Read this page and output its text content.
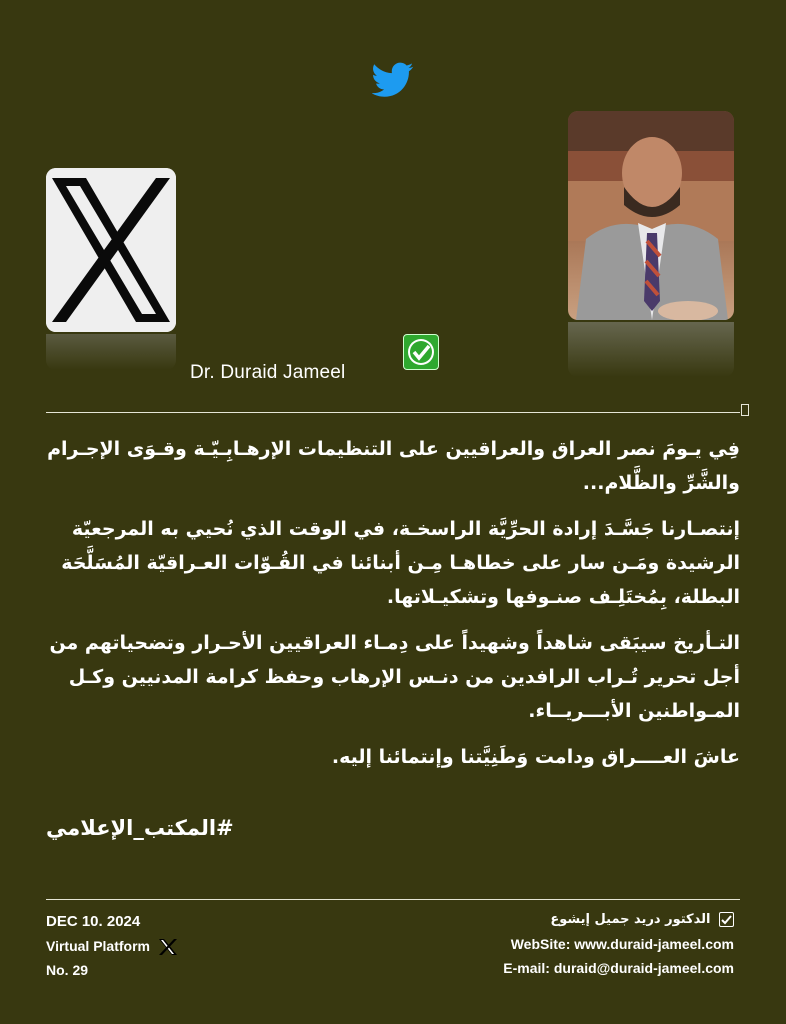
Dr. Duraid Jameel

فِي يـومَ نصر العراق والعراقيين على التنظيمات الإرهـابِـيّـة وقـوَى الإجـرام والشَّرِّ والظَّلام...

إنتصـارنا جَسَّـدَ إرادة الحرِّيَّة الراسخـة، في الوقت الذي نُحيي به المرجعيّة الرشيدة ومَـن سار على خطاهـا مِـن أبنائنا في القُـوّات العـراقيّة المُسَلَّحَة البطلة، بِمُختَلِـف صنـوفها وتشكيـلاتها.

التـأريخ سيبَقى شاهداً وشهيداً على دِمـاء العراقيين الأحـرار وتضحياتهم من أجل تحرير تُـراب الرافدين من دنـس الإرهاب وحفظ كرامة المدنيين وكـل المـواطنين الأبـــريــاء.

عاشَ العــــراق ودامت وَطَنِيَّتنا وإنتمائنا إليه.

#المكتب_الإعلامي
DEC 10. 2024
Virtual Platform
No. 29
الدكتور دريد جميل إيشوع
WebSite: www.duraid-jameel.com
E-mail: duraid@duraid-jameel.com
